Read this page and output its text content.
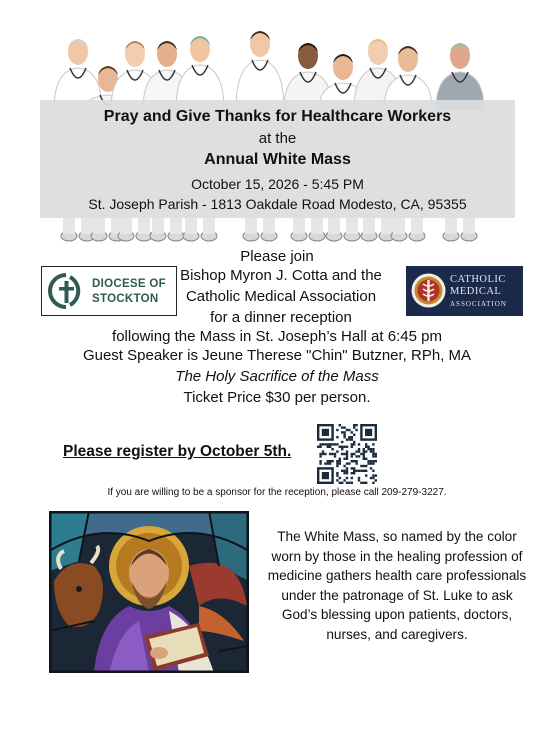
Pray and Give Thanks for Healthcare Workers
at the
Annual White Mass
October 15, 2026 - 5:45 PM
St. Joseph Parish - 1813 Oakdale Road Modesto, CA, 95355
Please join
DIOCESE OF
STOCKTON
Bishop Myron J. Cotta and the
Catholic Medical Association
for a dinner reception
CATHOLIC
MEDICAL
ASSOCIATION
following the Mass in St. Joseph’s Hall at 6:45 pm
Guest Speaker is Jeune Therese "Chin" Butzner, RPh, MA
The Holy Sacrifice of the Mass
Ticket Price $30 per person.
Please register by October 5th.
If you are willing to be a sponsor for the reception, please call 209-279-3227.
The White Mass, so named by the color worn by those in the healing profession of medicine gathers health care professionals under the patronage of St. Luke to ask God’s blessing upon patients, doctors, nurses, and caregivers.
